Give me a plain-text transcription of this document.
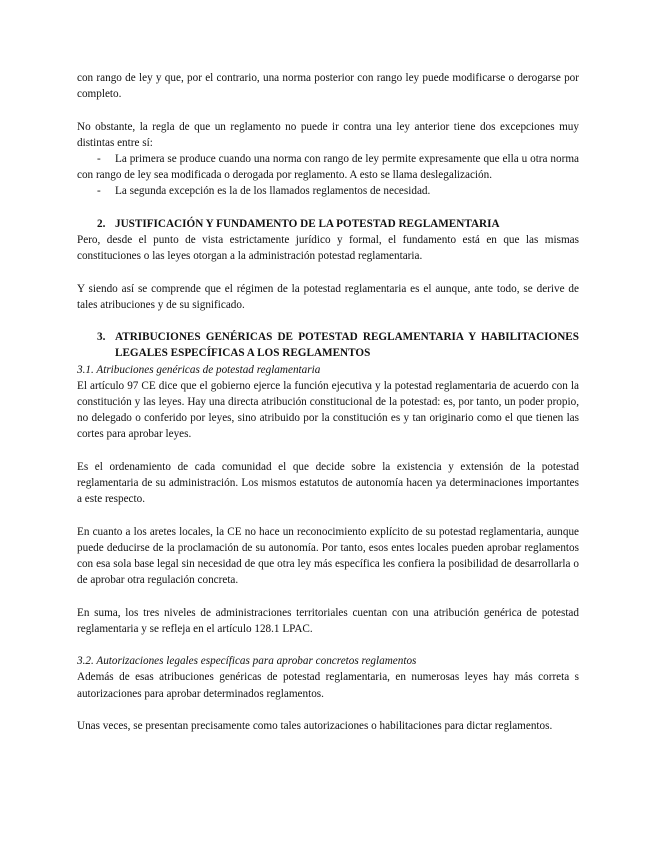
con rango de ley y que, por el contrario, una norma posterior con rango ley puede modificarse o derogarse por completo.

No obstante, la regla de que un reglamento no puede ir contra una ley anterior tiene dos excepciones muy distintas entre sí:

-	La primera se produce cuando una norma con rango de ley permite expresamente que ella u otra norma con rango de ley sea modificada o derogada por reglamento. A esto se llama deslegalización.
-	La segunda excepción es la de los llamados reglamentos de necesidad.
2. JUSTIFICACIÓN Y FUNDAMENTO DE LA POTESTAD REGLAMENTARIA

Pero, desde el punto de vista estrictamente jurídico y formal, el fundamento está en que las mismas constituciones o las leyes otorgan a la administración potestad reglamentaria.

Y siendo así se comprende que el régimen de la potestad reglamentaria es el aunque, ante todo, se derive de tales atribuciones y de su significado.

3. ATRIBUCIONES GENÉRICAS DE POTESTAD REGLAMENTARIA Y HABILITACIONES LEGALES ESPECÍFICAS A LOS REGLAMENTOS

3.1. Atribuciones genéricas de potestad reglamentaria

El artículo 97 CE dice que el gobierno ejerce la función ejecutiva y la potestad reglamentaria de acuerdo con la constitución y las leyes. Hay una directa atribución constitucional de la potestad: es, por tanto, un poder propio, no delegado o conferido por leyes, sino atribuido por la constitución es y tan originario como el que tienen las cortes para aprobar leyes.

Es el ordenamiento de cada comunidad el que decide sobre la existencia y extensión de la potestad reglamentaria de su administración. Los mismos estatutos de autonomía hacen ya determinaciones importantes a este respecto.

En cuanto a los aretes locales, la CE no hace un reconocimiento explícito de su potestad reglamentaria, aunque puede deducirse de la proclamación de su autonomía. Por tanto, esos entes locales pueden aprobar reglamentos con esa sola base legal sin necesidad de que otra ley más específica les confiera la posibilidad de desarrollarla o de aprobar otra regulación concreta.

En suma, los tres niveles de administraciones territoriales cuentan con una atribución genérica de potestad reglamentaria y se refleja en el artículo 128.1 LPAC.

3.2. Autorizaciones legales específicas para aprobar concretos reglamentos

Además de esas atribuciones genéricas de potestad reglamentaria, en numerosas leyes hay más correta s autorizaciones para aprobar determinados reglamentos.

Unas veces, se presentan precisamente como tales autorizaciones o habilitaciones para dictar reglamentos.
